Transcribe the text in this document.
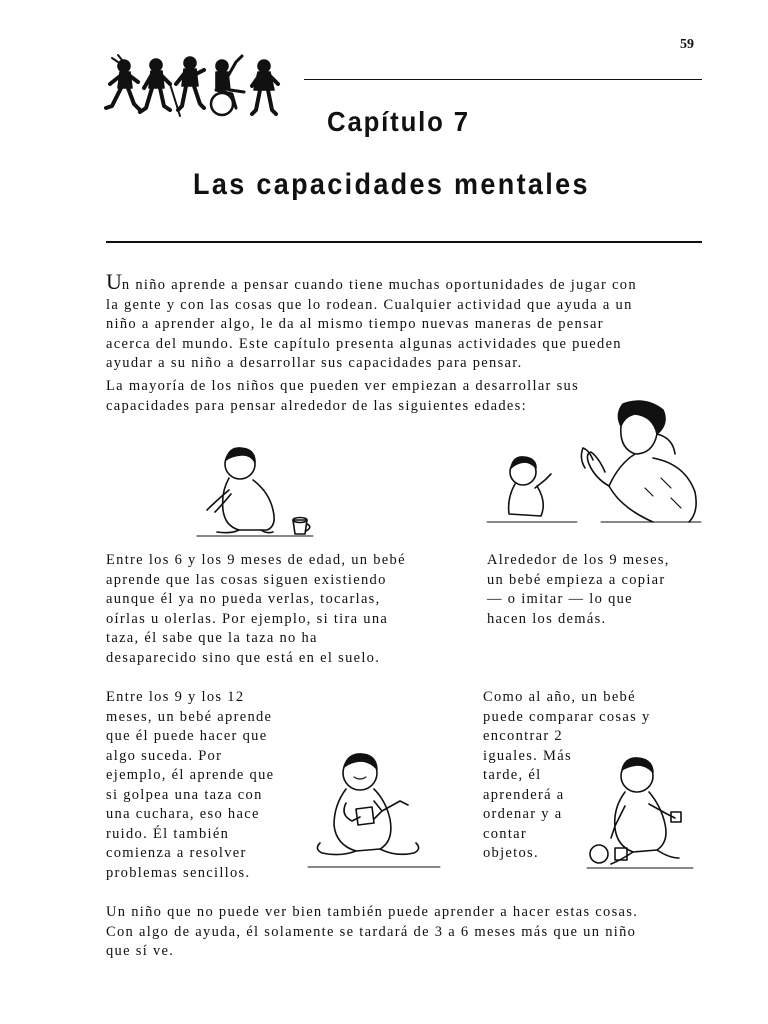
59
Capítulo 7
Las capacidades mentales
Un niño aprende a pensar cuando tiene muchas oportunidades de jugar con
la gente y con las cosas que lo rodean. Cualquier actividad que ayuda a un
niño a aprender algo, le da al mismo tiempo nuevas maneras de pensar
acerca del mundo. Este capítulo presenta algunas actividades que pueden
ayudar a su niño a desarrollar sus capacidades para pensar.
La mayoría de los niños que pueden ver empiezan a desarrollar sus
capacidades para pensar alrededor de las siguientes edades:
Entre los 6 y los 9 meses de edad, un bebé
aprende que las cosas siguen existiendo
aunque él ya no pueda verlas, tocarlas,
oírlas u olerlas. Por ejemplo, si tira una
taza, él sabe que la taza no ha
desaparecido sino que está en el suelo.
Alrededor de los 9 meses,
un bebé empieza a copiar
— o imitar — lo que
hacen los demás.
Entre los 9 y los 12
meses, un bebé aprende
que él puede hacer que
algo suceda. Por
ejemplo, él aprende que
si golpea una taza con
una cuchara, eso hace
ruido. Él también
comienza a resolver
problemas sencillos.
Como al año, un bebé
puede comparar cosas y
encontrar 2
iguales. Más
tarde, él
aprenderá a
ordenar y a
contar
objetos.
Un niño que no puede ver bien también puede aprender a hacer estas cosas.
Con algo de ayuda, él solamente se tardará de 3 a 6 meses más que un niño
que sí ve.
